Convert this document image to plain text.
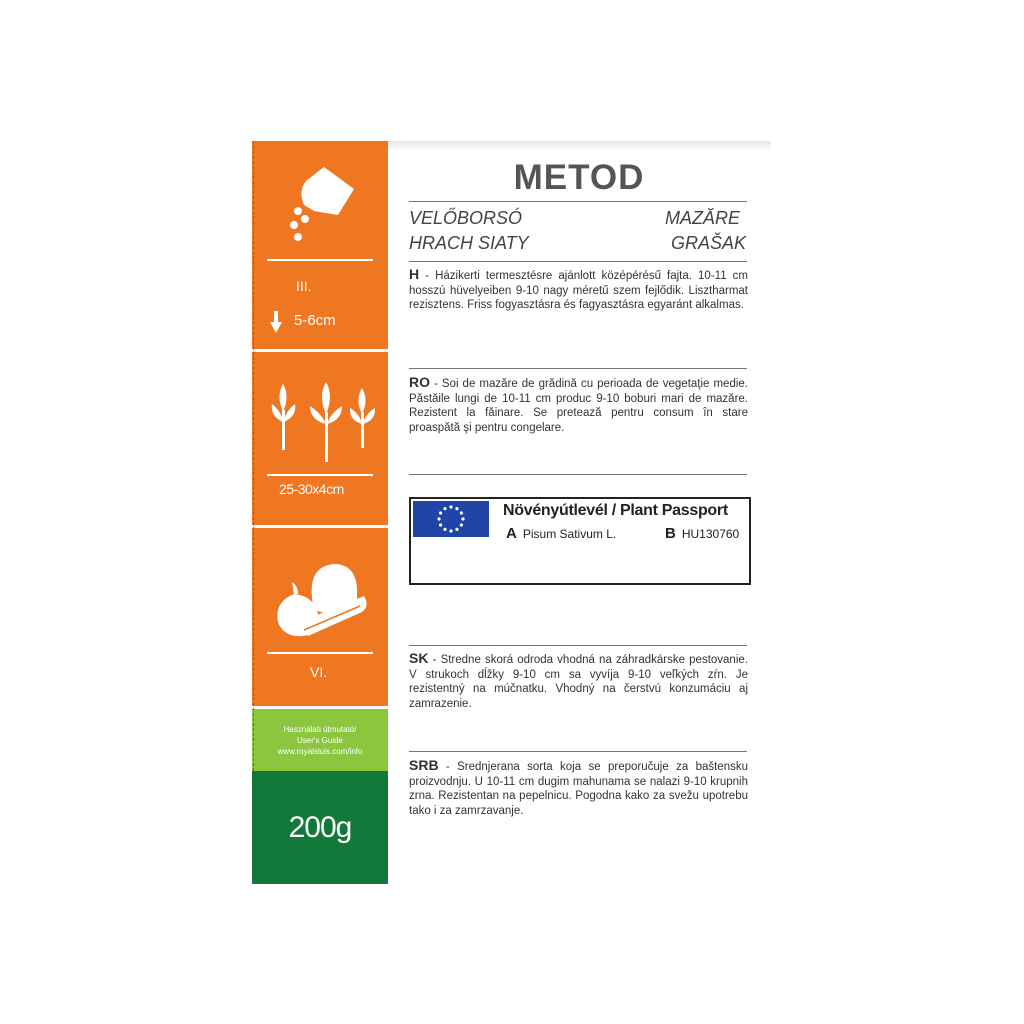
III.
5-6cm
25-30x4cm
VI.
Használati útmutató/
User's Guide
www.royalsluis.com/info
200g
METOD
VELŐBORSÓ	MAZĂRE
HRACH SIATY	GRAŠAK
H - Házikerti termesztésre ajánlott középérésű fajta. 10-11 cm hosszú hüvelyeiben 9-10 nagy méretű szem fejlődik. Lisztharmat rezisztens. Friss fogyasztásra és fagyasztásra egyaránt alkalmas.
RO - Soi de mazăre de grădină cu perioada de vegetaţie medie. Păstăile lungi de 10-11 cm produc 9-10 boburi mari de mazăre. Rezistent la făinare. Se pretează pentru consum în stare proaspătă şi pentru congelare.
Növényútlevél / Plant Passport
A Pisum Sativum L.	B HU130760
SK - Stredne skorá odroda vhodná na záhradkárske pestovanie. V strukoch dĺžky 9-10 cm sa vyvíja 9-10 veľkých zŕn. Je rezistentný na múčnatku. Vhodný na čerstvú konzumáciu aj zamrazenie.
SRB - Srednjerana sorta koja se preporučuje za baštensku proizvodnju. U 10-11 cm dugim mahunama se nalazi 9-10 krupnih zrna. Rezistentan na pepelnicu. Pogodna kako za svežu upotrebu tako i za zamrzavanje.
